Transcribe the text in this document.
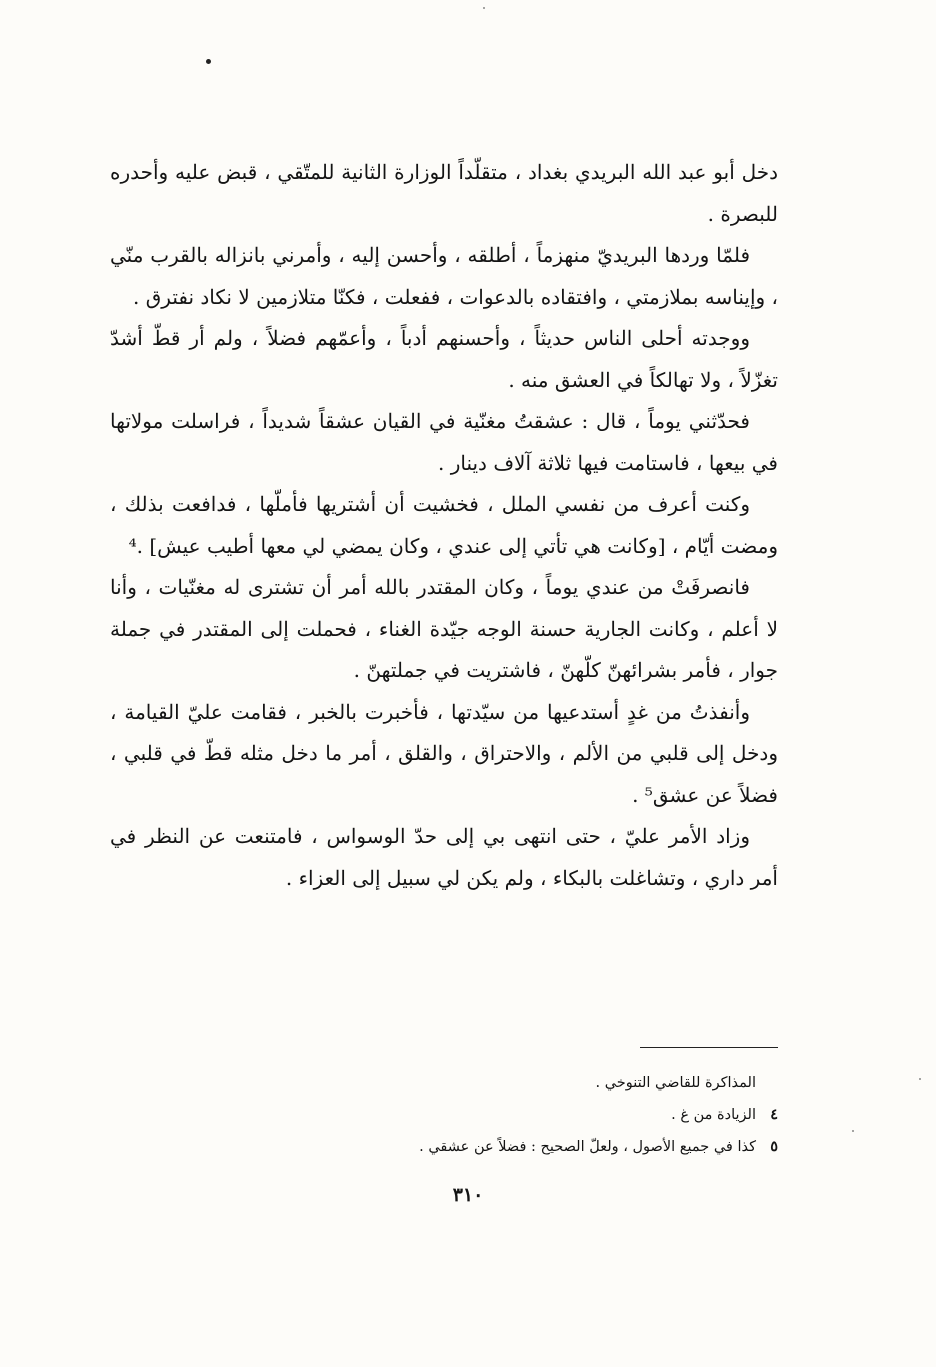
دخل أبو عبد الله البريدي بغداد ، متقلّداً الوزارة الثانية للمتّقي ، قبض عليه وأحدره للبصرة .

فلمّا وردها البريديّ منهزماً ، أطلقه ، وأحسن إليه ، وأمرني بانزاله بالقرب منّي ، وإيناسه بملازمتي ، وافتقاده بالدعوات ، ففعلت ، فكنّا متلازمين لا نكاد نفترق .

ووجدته أحلى الناس حديثاً ، وأحسنهم أدباً ، وأعمّهم فضلاً ، ولم أر قطّ أشدّ تغزّلاً ، ولا تهالكاً في العشق منه .

فحدّثني يوماً ، قال : عشقتُ مغنّية في القيان عشقاً شديداً ، فراسلت مولاتها في بيعها ، فاستامت فيها ثلاثة آلاف دينار .

وكنت أعرف من نفسي الملل ، فخشيت أن أشتريها فأملّها ، فدافعت بذلك ، ومضت أيّام ، [وكانت هي تأتي إلى عندي ، وكان يمضي لي معها أطيب عيش] .⁴

فانصرفَتْ من عندي يوماً ، وكان المقتدر بالله أمر أن تشترى له مغنّيات ، وأنا لا أعلم ، وكانت الجارية حسنة الوجه جيّدة الغناء ، فحملت إلى المقتدر في جملة جوار ، فأمر بشرائهنّ كلّهنّ ، فاشتريت في جملتهنّ .

وأنفذتُ من غدٍ أستدعيها من سيّدتها ، فأخبرت بالخبر ، فقامت عليّ القيامة ، ودخل إلى قلبي من الألم ، والاحتراق ، والقلق ، أمر ما دخل مثله قطّ في قلبي ، فضلاً عن عشق⁵ .

وزاد الأمر عليّ ، حتى انتهى بي إلى حدّ الوسواس ، فامتنعت عن النظر في أمر داري ، وتشاغلت بالبكاء ، ولم يكن لي سبيل إلى العزاء .

المذاكرة للقاضي التنوخي .
٤
الزيادة من غ .
٥
كذا في جميع الأصول ، ولعلّ الصحيح : فضلاً عن عشقي .
٣١٠
